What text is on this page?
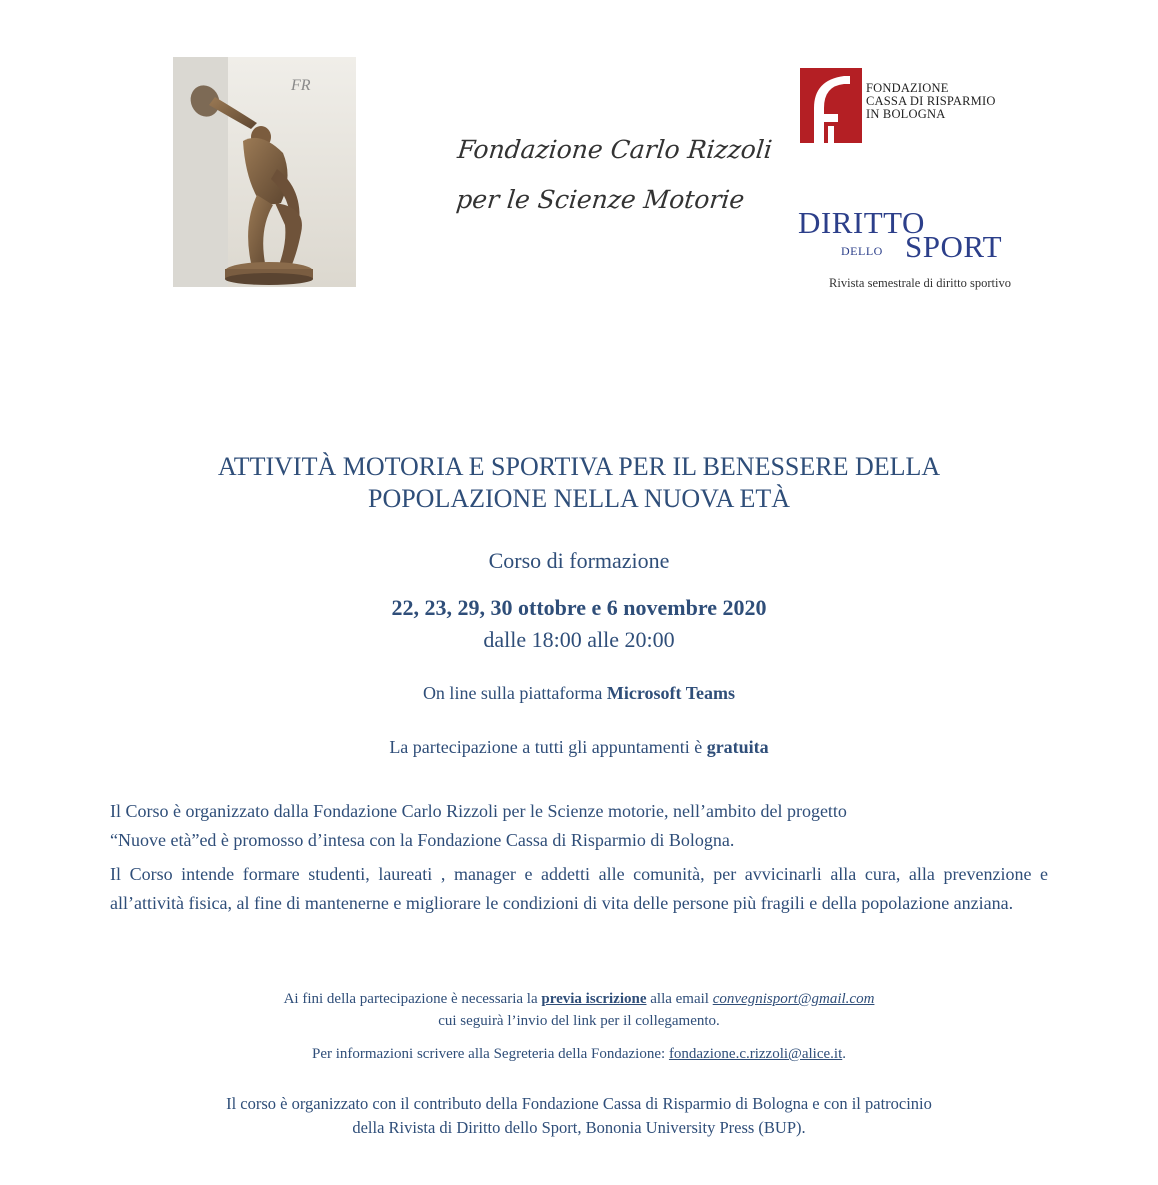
FR
Fondazione Carlo Rizzoli
per le Scienze Motorie
FONDAZIONE
CASSA DI RISPARMIO
IN BOLOGNA
DIRITTO
DELLO SPORT
Rivista semestrale di diritto sportivo
ATTIVITÀ MOTORIA E SPORTIVA PER IL BENESSERE DELLA
POPOLAZIONE NELLA NUOVA ETÀ
Corso di formazione
22, 23, 29, 30 ottobre e 6 novembre 2020
dalle 18:00 alle 20:00
On line sulla piattaforma Microsoft Teams
La partecipazione a tutti gli appuntamenti è gratuita
Il Corso è organizzato dalla Fondazione Carlo Rizzoli per le Scienze motorie, nell’ambito del progetto
“Nuove età”ed è promosso d’intesa con la Fondazione Cassa di Risparmio di Bologna.
Il Corso intende formare studenti, laureati , manager e addetti alle comunità, per avvicinarli alla cura, alla prevenzione e all’attività fisica, al fine di mantenerne e migliorare le condizioni di vita delle persone più fragili e della popolazione anziana.
Ai fini della partecipazione è necessaria la previa iscrizione alla email convegnisport@gmail.com
cui seguirà l’invio del link per il collegamento.
Per informazioni scrivere alla Segreteria della Fondazione: fondazione.c.rizzoli@alice.it.
Il corso è organizzato con il contributo della Fondazione Cassa di Risparmio di Bologna e con il patrocinio
della Rivista di Diritto dello Sport, Bononia University Press (BUP).
